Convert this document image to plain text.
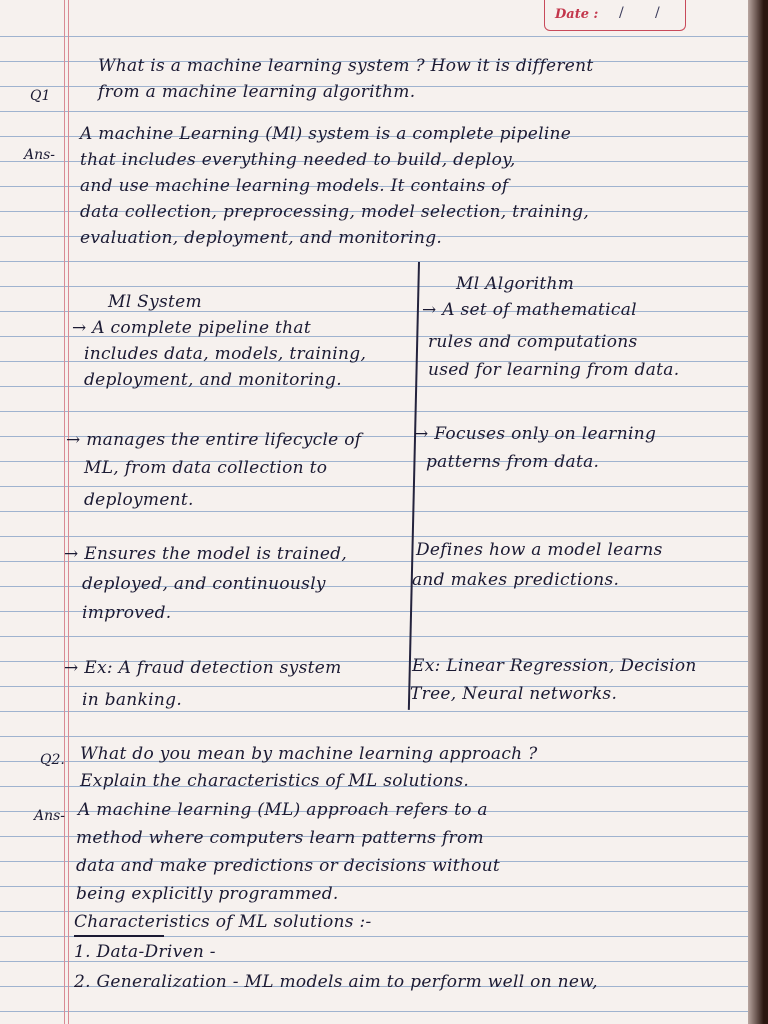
Date : / /
Q1
What is a machine learning system ? How it is different
from a machine learning algorithm.
Ans-
A machine Learning (Ml) system is a complete pipeline
that includes everything needed to build, deploy,
and use machine learning models. It contains of
data collection, preprocessing, model selection, training,
evaluation, deployment, and monitoring.
Ml System
Ml Algorithm
→ A complete pipeline that
includes data, models, training,
deployment, and monitoring.
→ A set of mathematical
rules and computations
used for learning from data.
→ manages the entire lifecycle of
ML, from data collection to
deployment.
→ Focuses only on learning
patterns from data.
→ Ensures the model is trained,
deployed, and continuously
improved.
Defines how a model learns
and makes predictions.
→ Ex: A fraud detection system
in banking.
Ex: Linear Regression, Decision
Tree, Neural networks.
Q2. What do you mean by machine learning approach ?
Explain the characteristics of ML solutions.
Ans- A machine learning (ML) approach refers to a
method where computers learn patterns from
data and make predictions or decisions without
being explicitly programmed.
Characteristics of ML solutions :-
1. Data-Driven -
2. Generalization - ML models aim to perform well on new,
